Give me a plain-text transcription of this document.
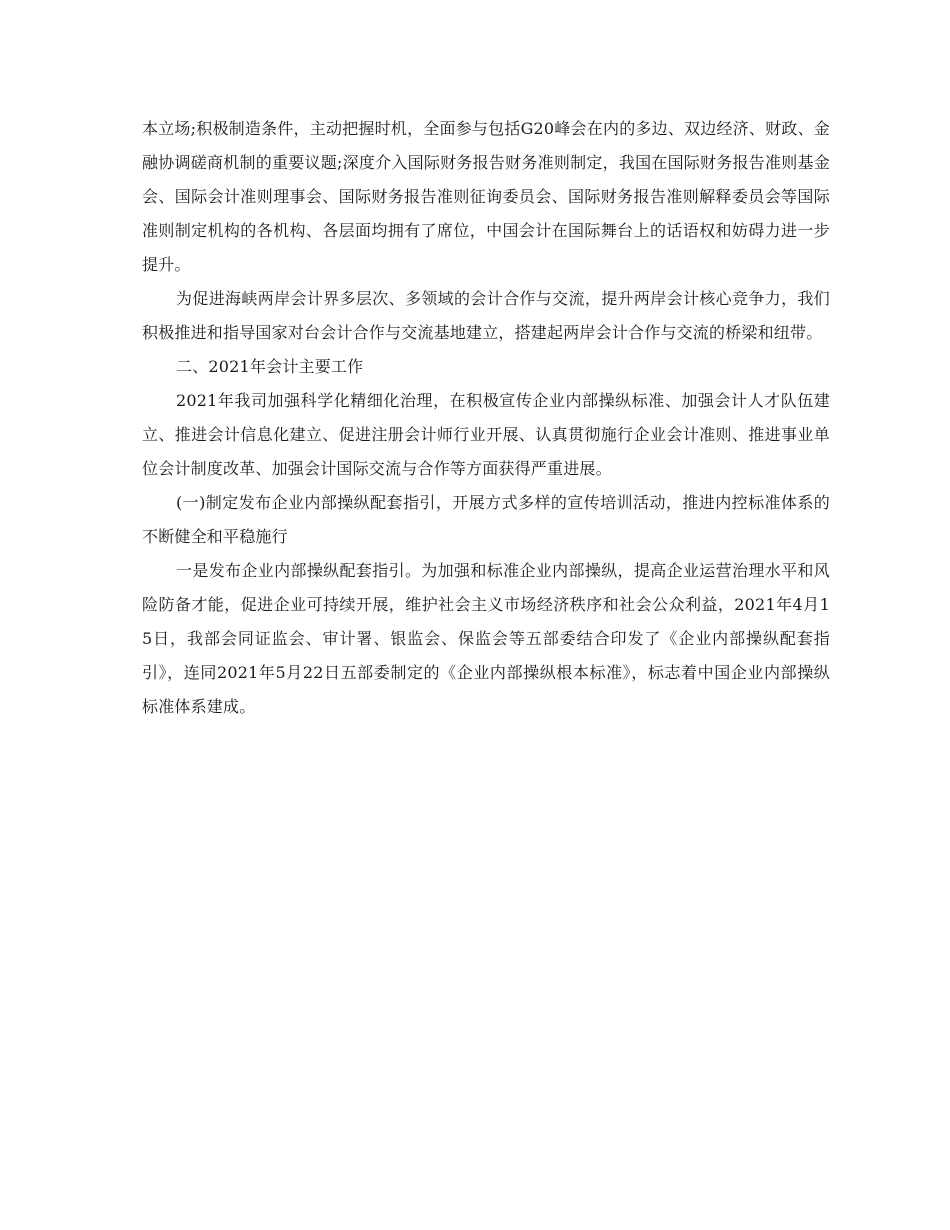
本立场;积极制造条件，主动把握时机，全面参与包括G20峰会在内的多边、双边经济、财政、金融协调磋商机制的重要议题;深度介入国际财务报告财务准则制定，我国在国际财务报告准则基金会、国际会计准则理事会、国际财务报告准则征询委员会、国际财务报告准则解释委员会等国际准则制定机构的各机构、各层面均拥有了席位，中国会计在国际舞台上的话语权和妨碍力进一步提升。

为促进海峡两岸会计界多层次、多领域的会计合作与交流，提升两岸会计核心竞争力，我们积极推进和指导国家对台会计合作与交流基地建立，搭建起两岸会计合作与交流的桥梁和纽带。

二、2021年会计主要工作

2021年我司加强科学化精细化治理，在积极宣传企业内部操纵标准、加强会计人才队伍建立、推进会计信息化建立、促进注册会计师行业开展、认真贯彻施行企业会计准则、推进事业单位会计制度改革、加强会计国际交流与合作等方面获得严重进展。

(一)制定发布企业内部操纵配套指引，开展方式多样的宣传培训活动，推进内控标准体系的不断健全和平稳施行

一是发布企业内部操纵配套指引。为加强和标准企业内部操纵，提高企业运营治理水平和风险防备才能，促进企业可持续开展，维护社会主义市场经济秩序和社会公众利益，2021年4月15日，我部会同证监会、审计署、银监会、保监会等五部委结合印发了《企业内部操纵配套指引》，连同2021年5月22日五部委制定的《企业内部操纵根本标准》，标志着中国企业内部操纵标准体系建成。
